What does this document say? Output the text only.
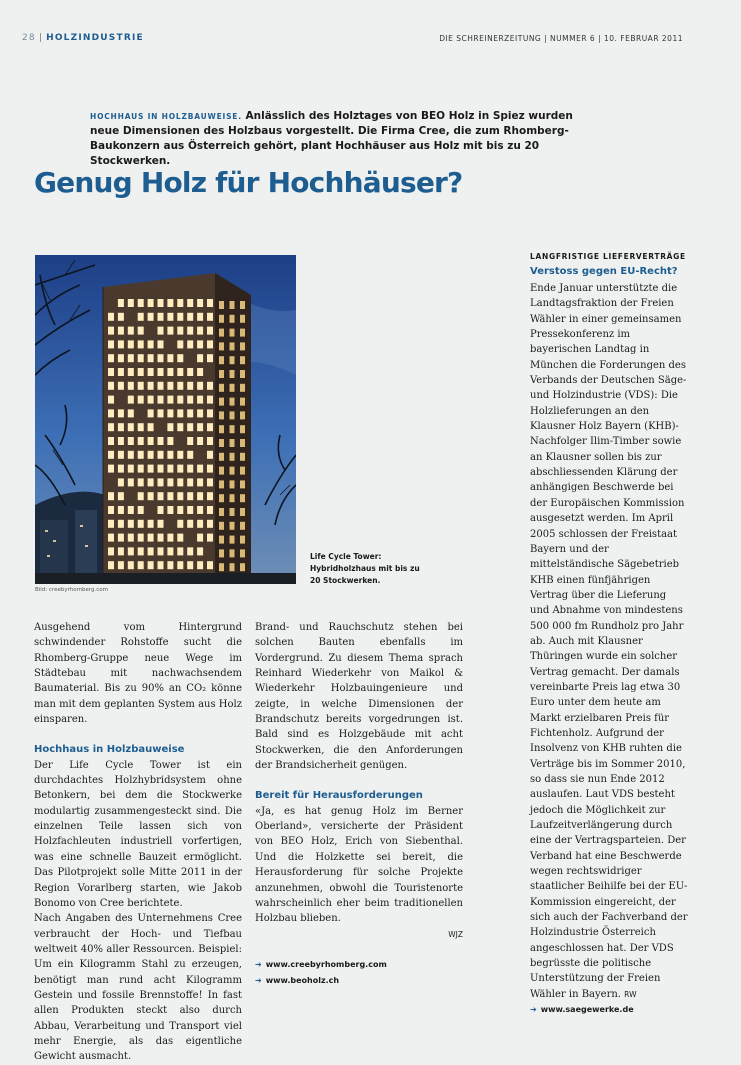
28 | HOLZINDUSTRIE	DIE SCHREINERZEITUNG | NUMMER 6 | 10. FEBRUAR 2011
HOCHHAUS IN HOLZBAUWEISE. Anlässlich des Holztages von BEO Holz in Spiez wurden neue Dimensionen des Holzbaus vorgestellt. Die Firma Cree, die zum Rhomberg-Baukonzern aus Österreich gehört, plant Hochhäuser aus Holz mit bis zu 20 Stockwerken.
Genug Holz für Hochhäuser?
Bild: creebyrhomberg.com
Life Cycle Tower:
Hybridholzhaus mit bis zu 20 Stockwerken.

Ausgehend vom Hintergrund schwindender Rohstoffe sucht die Rhomberg-Gruppe neue Wege im Städtebau mit nachwachsendem Baumaterial. Bis zu 90% an CO₂ könne man mit dem geplanten System aus Holz einsparen.

Hochhaus in Holzbauweise

Der Life Cycle Tower ist ein durchdachtes Holzhybridsystem ohne Betonkern, bei dem die Stockwerke modulartig zusammengesteckt sind. Die einzelnen Teile lassen sich von Holzfachleuten industriell vorfertigen, was eine schnelle Bauzeit ermöglicht. Das Pilotprojekt solle Mitte 2011 in der Region Vorarlberg starten, wie Jakob Bonomo von Cree berichtete.

Nach Angaben des Unternehmens Cree verbraucht der Hoch- und Tiefbau weltweit 40% aller Ressourcen. Beispiel: Um ein Kilogramm Stahl zu erzeugen, benötigt man rund acht Kilogramm Gestein und fossile Brennstoffe! In fast allen Produkten steckt also durch Abbau, Verarbeitung und Transport viel mehr Energie, als das eigentliche Gewicht ausmacht.

Brand- und Rauchschutz stehen bei solchen Bauten ebenfalls im Vordergrund. Zu diesem Thema sprach Reinhard Wiederkehr von Maikol & Wiederkehr Holzbauingenieure und zeigte, in welche Dimensionen der Brandschutz bereits vorgedrungen ist. Bald sind es Holzgebäude mit acht Stockwerken, die den Anforderungen der Brandsicherheit genügen.

Bereit für Herausforderungen

«Ja, es hat genug Holz im Berner Oberland», versicherte der Präsident von BEO Holz, Erich von Siebenthal. Und die Holzkette sei bereit, die Herausforderung für solche Projekte anzunehmen, obwohl die Touristenorte wahrscheinlich eher beim traditionellen Holzbau blieben.

WJZ

➔ www.creebyrhomberg.com
➔ www.beoholz.ch

LANGFRISTIGE LIEFERVERTRÄGE

Verstoss gegen EU-Recht?

Ende Januar unterstützte die Landtagsfraktion der Freien Wähler in einer gemeinsamen Pressekonferenz im bayerischen Landtag in München die Forderungen des Verbands der Deutschen Säge- und Holzindustrie (VDS): Die Holzlieferungen an den Klausner Holz Bayern (KHB)-Nachfolger Ilim-Timber sowie an Klausner sollen bis zur abschliessenden Klärung der anhängigen Beschwerde bei der Europäischen Kommission ausgesetzt werden. Im April 2005 schlossen der Freistaat Bayern und der mittelständische Sägebetrieb KHB einen fünfjährigen Vertrag über die Lieferung und Abnahme von mindestens 500 000 fm Rundholz pro Jahr ab. Auch mit Klausner Thüringen wurde ein solcher Vertrag gemacht. Der damals vereinbarte Preis lag etwa 30 Euro unter dem heute am Markt erzielbaren Preis für Fichtenholz. Aufgrund der Insolvenz von KHB ruhten die Verträge bis im Sommer 2010, so dass sie nun Ende 2012 auslaufen. Laut VDS besteht jedoch die Möglichkeit zur Laufzeitverlängerung durch eine der Vertragsparteien. Der Verband hat eine Beschwerde wegen rechtswidriger staatlicher Beihilfe bei der EU-Kommission eingereicht, der sich auch der Fachverband der Holzindustrie Österreich angeschlossen hat. Der VDS begrüsste die politische Unterstützung der Freien Wähler in Bayern. RW

➔ www.saegewerke.de
